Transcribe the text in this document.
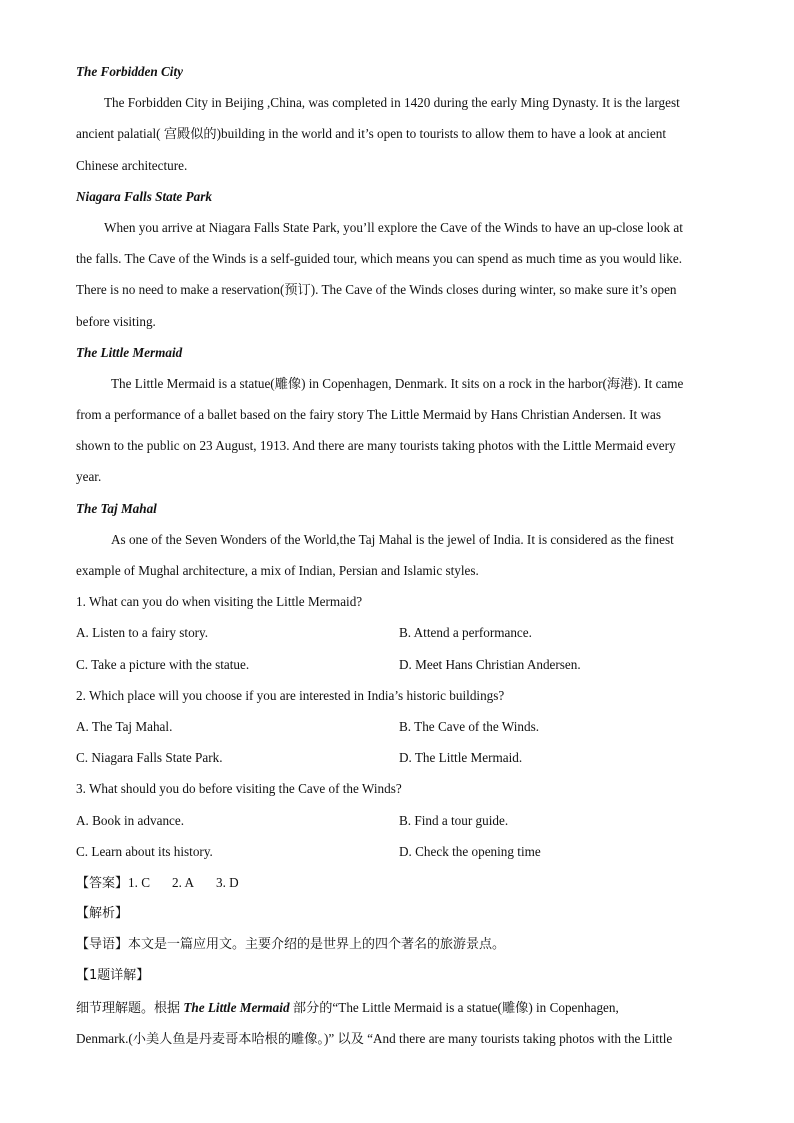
The Forbidden City
The Forbidden City in Beijing ,China, was completed in 1420 during the early Ming Dynasty. It is the largest
ancient palatial( 宫殿似的)building in the world and it’s open to tourists to allow them to have a look at ancient
Chinese architecture.
Niagara Falls State Park
When you arrive at Niagara Falls State Park, you’ll explore the Cave of the Winds to have an up-close look at
the falls. The Cave of the Winds is a self-guided tour, which means you can spend as much time as you would like.
There is no need to make a reservation(预订). The Cave of the Winds closes during winter, so make sure it’s open
before visiting.
The Little Mermaid
The Little Mermaid is a statue(雕像) in Copenhagen, Denmark. It sits on a rock in the harbor(海港). It came
from a performance of a ballet based on the fairy story The Little Mermaid by Hans Christian Andersen. It was
shown to the public on 23 August, 1913. And there are many tourists taking photos with the Little Mermaid every
year.
The Taj Mahal
As one of the Seven Wonders of the World,the Taj Mahal is the jewel of India. It is considered as the finest
example of Mughal architecture, a mix of Indian, Persian and Islamic styles.
1. What can you do when visiting the Little Mermaid?
A. Listen to a fairy story.	B. Attend a performance.
C. Take a picture with the statue.	D. Meet Hans Christian Andersen.
2. Which place will you choose if you are interested in India’s historic buildings?
A. The Taj Mahal.	B. The Cave of the Winds.
C. Niagara Falls State Park.	D. The Little Mermaid.
3. What should you do before visiting the Cave of the Winds?
A. Book in advance.	B. Find a tour guide.
C. Learn about its history.	D. Check the opening time
【答案】1. C 2. A 3. D
【解析】
【导语】本文是一篇应用文。主要介绍的是世界上的四个著名的旅游景点。
【1题详解】
细节理解题。根据 The Little Mermaid 部分的“The Little Mermaid is a statue(雕像) in Copenhagen,
Denmark.(小美人鱼是丹麦哥本哈根的雕像。)” 以及 “And there are many tourists taking photos with the Little
